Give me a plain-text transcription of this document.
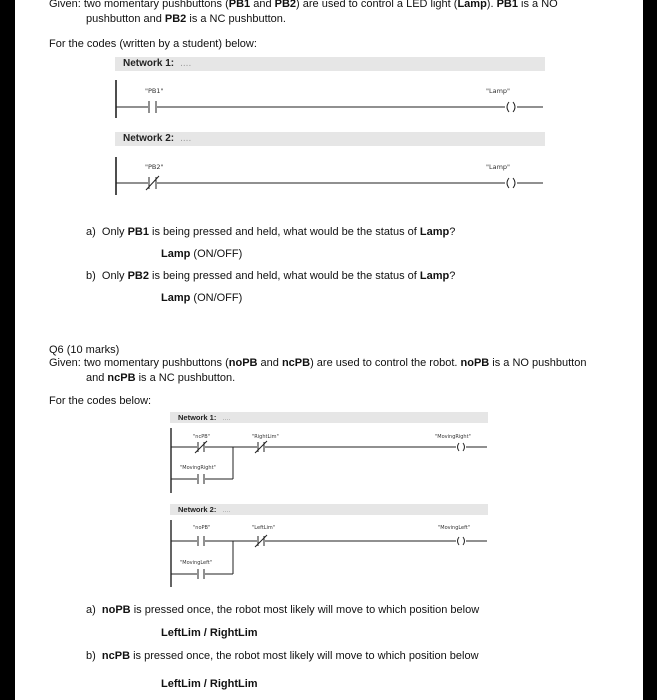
Given: two momentary pushbuttons (PB1 and PB2) are used to control a LED light (Lamp). PB1 is a NO
pushbutton and PB2 is a NC pushbutton.
For the codes (written by a student) below:
Network 1: ....
"PB1"	"Lamp"
Network 2: ....
"PB2"	"Lamp"
a) Only PB1 is being pressed and held, what would be the status of Lamp?
Lamp (ON/OFF)
b) Only PB2 is being pressed and held, what would be the status of Lamp?
Lamp (ON/OFF)
Q6 (10 marks)
Given: two momentary pushbuttons (noPB and ncPB) are used to control the robot. noPB is a NO pushbutton
and ncPB is a NC pushbutton.
For the codes below:
Network 1: ....
"ncPB"	"RightLim"	"MovingRight"
"MovingRight"
Network 2: ....
"noPB"	"LeftLim"	"MovingLeft"
"MovingLeft"
a) noPB is pressed once, the robot most likely will move to which position below
LeftLim / RightLim
b) ncPB is pressed once, the robot most likely will move to which position below
LeftLim / RightLim
